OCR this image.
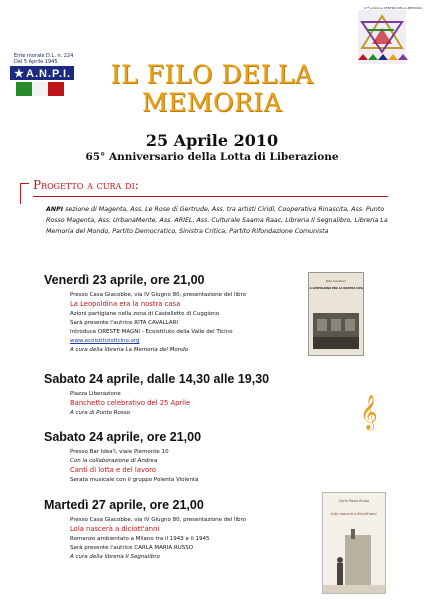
Ente morale D.L. n. 224
Del 5 Aprile 1945
★ A.N.P.I.
27ª edizione CENTRO DELLA MEMORIA
IL FILO DELLA
MEMORIA
25 Aprile 2010
65° Anniversario della Lotta di Liberazione
Progetto a cura di:
ANPI sezione di Magenta, Ass. Le Rose di Gertrude, Ass. tra artisti Ciridì, Cooperativa Rinascita, Ass. Punto Rosso Magenta, Ass. UrbanaMente, Ass. ARIEL, Ass. Culturale Saama Raac, Libreria Il Segnalibro, Libreria La Memoria del Mondo, Partito Democratico, Sinistra Critica, Partito Rifondazione Comunista
Venerdì 23 aprile, ore 21,00
Presso Casa Giacobbe, via IV Giugno 80, presentazione del libro
La Leopoldina era la nostra casa
Azioni partigiane nella zona di Castelletto di Cuggiono
Sarà presente l'autrice RITA CAVALLARI
Introduce ORESTE MAGNI - Ecoistituto della Valle del Ticino
www.ecoistitutoticino.org
A cura della libreria La Memoria del Mondo
Rita Cavallari
LA LEOPOLDINA ERA LA NOSTRA CASA
Sabato 24 aprile, dalle 14,30 alle 19,30
Piazza Liberazione
Banchetto celebrativo del 25 Aprile
A cura di Punto Rosso	𝄞
Sabato 24 aprile, ore 21,00
Presso Bar Idea'l, viale Piemonte 10
Con la collaborazione di Andrea
Canti di lotta e del lavoro
Serata musicale con il gruppo Polenta Violenta
Martedì 27 aprile, ore 21,00
Presso Casa Giacobbe, via IV Giugno 80, presentazione del libro
Lola nascerà a diciott'anni
Romanzo ambientato a Milano tra il 1943 e il 1945
Sarà presente l'autrice CARLA MARIA RUSSO
A cura della libreria Il Segnalibro
Carla Maria Russo
Lola nascerà a diciott'anni
